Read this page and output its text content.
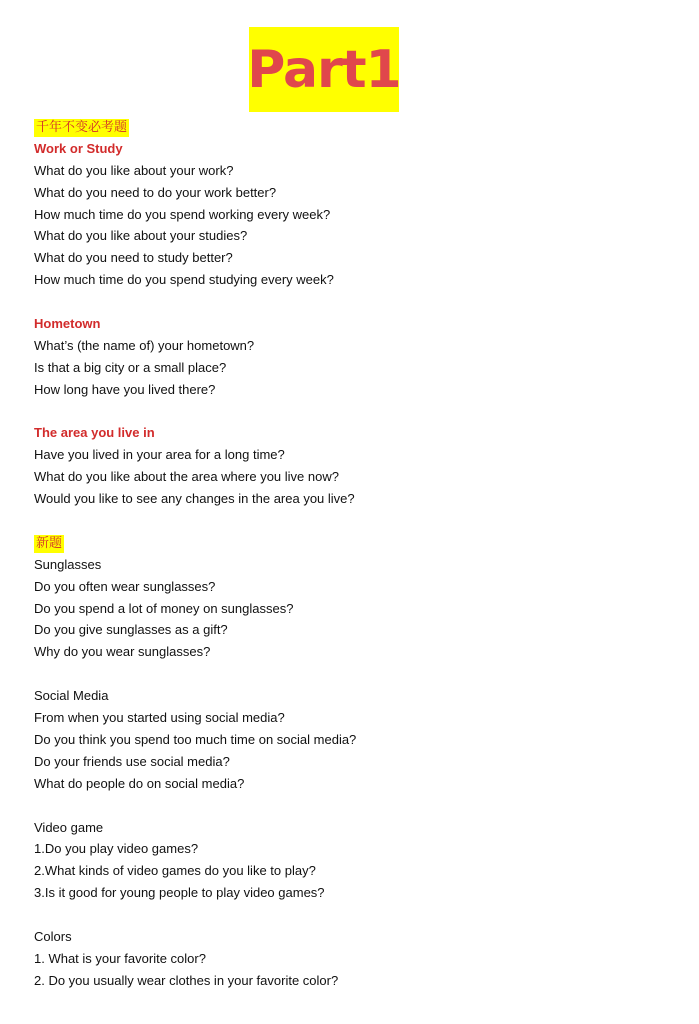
Part1
千年不变必考题
Work or Study
What do you like about your work?
What do you need to do your work better?
How much time do you spend working every week?
What do you like about your studies?
What do you need to study better?
How much time do you spend studying every week?
Hometown
What’s (the name of) your hometown?
Is that a big city or a small place?
How long have you lived there?
The area you live in
Have you lived in your area for a long time?
What do you like about the area where you live now?
Would you like to see any changes in the area you live?
新题
Sunglasses
Do you often wear sunglasses?
Do you spend a lot of money on sunglasses?
Do you give sunglasses as a gift?
Why do you wear sunglasses?
Social Media
From when you started using social media?
Do you think you spend too much time on social media?
Do your friends use social media?
What do people do on social media?
Video game
1.Do you play video games?
2.What kinds of video games do you like to play?
3.Is it good for young people to play video games?
Colors
1. What is your favorite color?
2. Do you usually wear clothes in your favorite color?
